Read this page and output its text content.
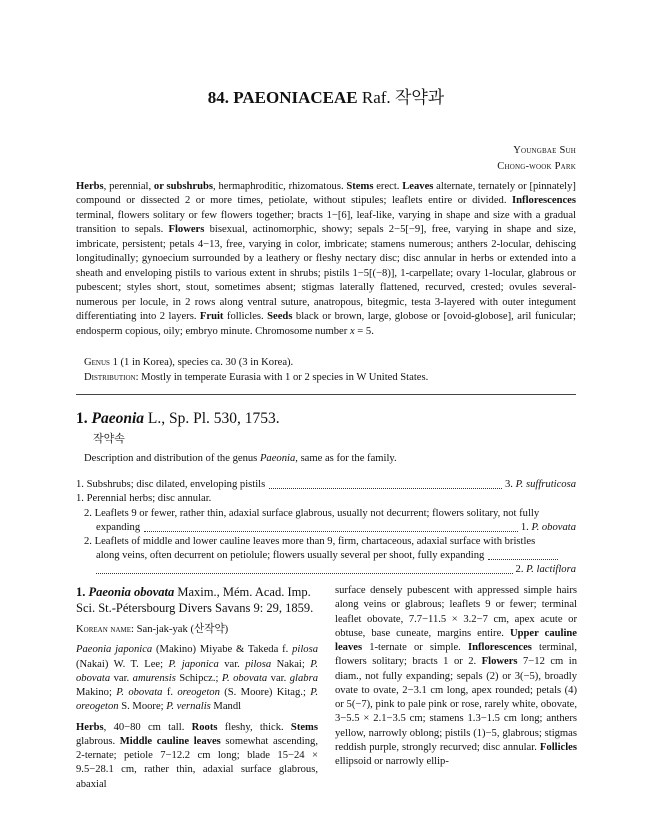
84. PAEONIACEAE Raf. 작약과
Youngbae Suh
Chong-wook Park
Herbs, perennial, or subshrubs, hermaphroditic, rhizomatous. Stems erect. Leaves alternate, ternately or [pinnately] compound or dissected 2 or more times, petiolate, without stipules; leaflets entire or divided. Inflorescences terminal, flowers solitary or few flowers together; bracts 1−[6], leaf-like, varying in shape and size with a gradual transition to sepals. Flowers bisexual, actinomorphic, showy; sepals 2−5[−9], free, varying in shape and size, imbricate, persistent; petals 4−13, free, varying in color, imbricate; stamens numerous; anthers 2-locular, dehiscing longitudinally; gynoecium surrounded by a leathery or fleshy nectary disc; disc annular in herbs or extended into a sheath and enveloping pistils to various extent in shrubs; pistils 1−5[(−8)], 1-carpellate; ovary 1-locular, glabrous or pubescent; styles short, stout, sometimes absent; stigmas laterally flattened, recurved, crested; ovules several-numerous per locule, in 2 rows along ventral suture, anatropous, bitegmic, testa 3-layered with outer integument differentiating into 2 layers. Fruit follicles. Seeds black or brown, large, globose or [ovoid-globose], aril funicular; endosperm copious, oily; embryo minute. Chromosome number x = 5.
Genus 1 (1 in Korea), species ca. 30 (3 in Korea).
Distribution: Mostly in temperate Eurasia with 1 or 2 species in W United States.
1. Paeonia L., Sp. Pl. 530, 1753.
작약속
Description and distribution of the genus Paeonia, same as for the family.
1. Subshrubs; disc dilated, enveloping pistils	3. P. suffruticosa
1. Perennial herbs; disc annular.
2. Leaflets 9 or fewer, rather thin, adaxial surface glabrous, usually not decurrent; flowers solitary, not fully
expanding	1. P. obovata
2. Leaflets of middle and lower cauline leaves more than 9, firm, chartaceous, adaxial surface with bristles
along veins, often decurrent on petiolule; flowers usually several per shoot, fully expanding
2. P. lactiflora
1. Paeonia obovata Maxim., Mém. Acad. Imp. Sci. St.-Pétersbourg Divers Savans 9: 29, 1859.
Korean name: San-jak-yak (산작약)
Paeonia japonica (Makino) Miyabe & Takeda f. pilosa (Nakai) W. T. Lee; P. japonica var. pilosa Nakai; P. obovata var. amurensis Schipcz.; P. obovata var. glabra Makino; P. obovata f. oreogeton (S. Moore) Kitag.; P. oreogeton S. Moore; P. vernalis Mandl
Herbs, 40−80 cm tall. Roots fleshy, thick. Stems glabrous. Middle cauline leaves somewhat ascending, 2-ternate; petiole 7−12.2 cm long; blade 15−24 × 9.5−28.1 cm, rather thin, adaxial surface glabrous, abaxial
surface densely pubescent with appressed simple hairs along veins or glabrous; leaflets 9 or fewer; terminal leaflet obovate, 7.7−11.5 × 3.2−7 cm, apex acute or obtuse, base cuneate, margins entire. Upper cauline leaves 1-ternate or simple. Inflorescences terminal, flowers solitary; bracts 1 or 2. Flowers 7−12 cm in diam., not fully expanding; sepals (2) or 3(−5), broadly ovate to ovate, 2−3.1 cm long, apex rounded; petals (4) or 5(−7), pink to pale pink or rose, rarely white, obovate, 3−5.5 × 2.1−3.5 cm; stamens 1.3−1.5 cm long; anthers yellow, narrowly oblong; pistils (1)−5, glabrous; stigmas reddish purple, strongly recurved; disc annular. Follicles ellipsoid or narrowly ellip-
